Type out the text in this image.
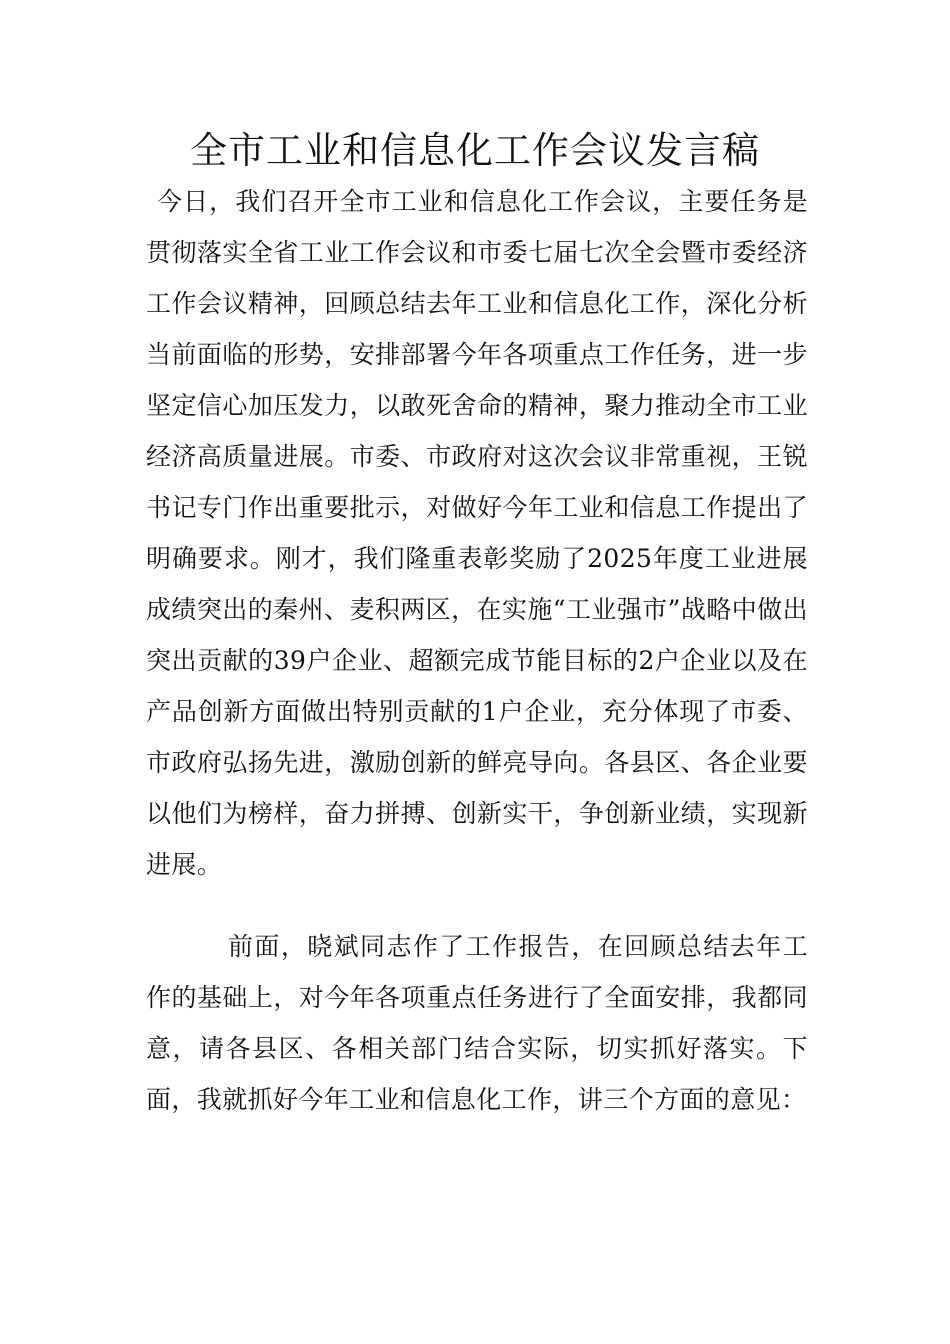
全市工业和信息化工作会议发言稿

今日，我们召开全市工业和信息化工作会议，主要任务是贯彻落实全省工业工作会议和市委七届七次全会暨市委经济工作会议精神，回顾总结去年工业和信息化工作，深化分析当前面临的形势，安排部署今年各项重点工作任务，进一步坚定信心加压发力，以敢死舍命的精神，聚力推动全市工业经济高质量进展。市委、市政府对这次会议非常重视，王锐书记专门作出重要批示，对做好今年工业和信息工作提出了明确要求。刚才，我们隆重表彰奖励了2025年度工业进展成绩突出的秦州、麦积两区，在实施“工业强市”战略中做出突出贡献的39户企业、超额完成节能目标的2户企业以及在产品创新方面做出特别贡献的1户企业，充分体现了市委、市政府弘扬先进，激励创新的鲜亮导向。各县区、各企业要以他们为榜样，奋力拼搏、创新实干，争创新业绩，实现新进展。

前面，晓斌同志作了工作报告，在回顾总结去年工作的基础上，对今年各项重点任务进行了全面安排，我都同意，请各县区、各相关部门结合实际，切实抓好落实。下面，我就抓好今年工业和信息化工作，讲三个方面的意见：
